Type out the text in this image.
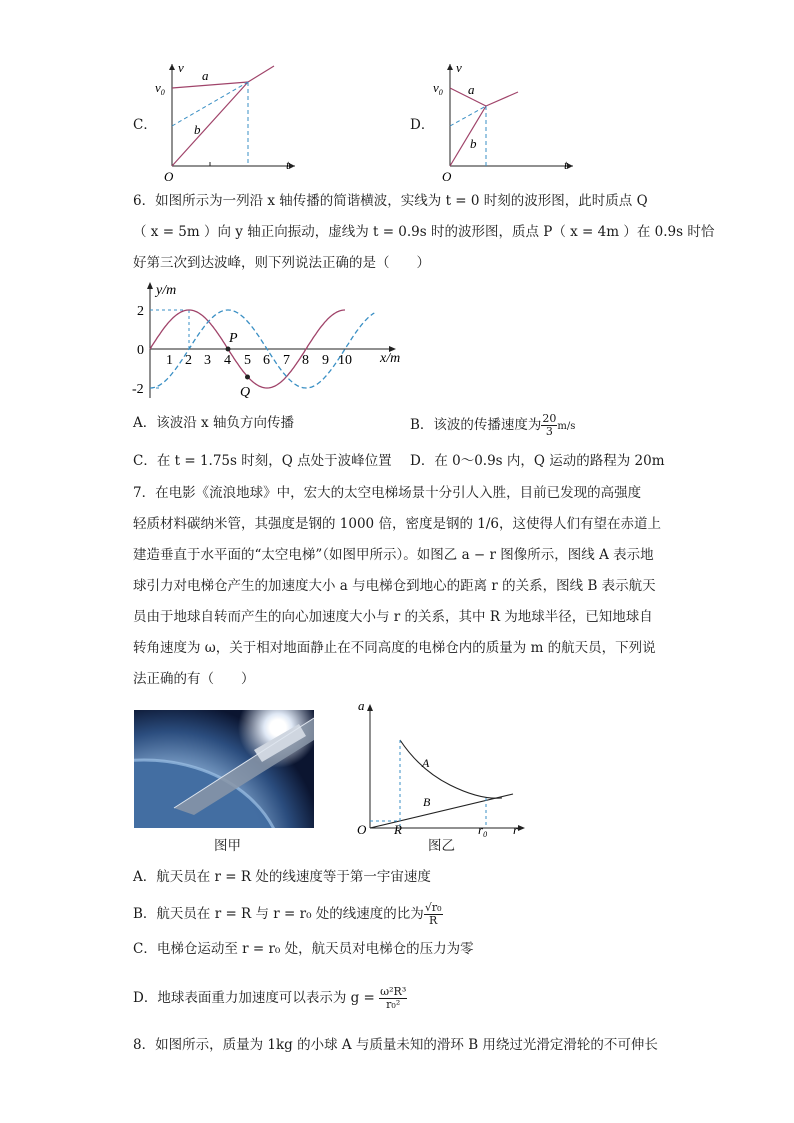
C．
v
$v_0$
a
b
O
t
D．
v
$v_0$ a
b
O
t
6．如图所示为一列沿 x 轴传播的简谐横波，实线为 t = 0 时刻的波形图，此时质点 Q
（ x = 5m ）向 y 轴正向振动，虚线为 t = 0.9s 时的波形图，质点 P（ x = 4m ）在 0.9s 时恰
好第三次到达波峰，则下列说法正确的是（　　）
y/m
x/m
2
0
-2
1 2 3 4 5 6 7 8 9 10
P
Q
A．该波沿 x 轴负方向传播	B．该波的传播速度为 $\frac{20}{3} m/s$
C．在 t = 1.75s 时刻，Q 点处于波峰位置 D．在 0～0.9s 内，Q 运动的路程为 20m
7．在电影《流浪地球》中，宏大的太空电梯场景十分引人入胜，目前已发现的高强度
轻质材料碳纳米管，其强度是钢的 1000 倍，密度是钢的 1/6，这使得人们有望在赤道上
建造垂直于水平面的“太空电梯”（如图甲所示）。如图乙 a − r 图像所示，图线 A 表示地
球引力对电梯仓产生的加速度大小 a 与电梯仓到地心的距离 r 的关系，图线 B 表示航天
员由于地球自转而产生的向心加速度大小与 r 的关系，其中 R 为地球半径，已知地球自
转角速度为 ω，关于相对地面静止在不同高度的电梯仓内的质量为 m 的航天员，下列说
法正确的有（　　）
图甲
a
A
B
O R	$r_0$ r
图乙
A．航天员在 r = R 处的线速度等于第一宇宙速度
B．航天员在 r = R 与 r = r₀ 处的线速度的比为 $\frac{\text{√r₀}}{R}$
C．电梯仓运动至 r = r₀ 处，航天员对电梯仓的压力为零
D．地球表面重力加速度可以表示为 $g = \frac{\text{ω²R³}}{\text{r₀²}}$
8．如图所示，质量为 1kg 的小球 A 与质量未知的滑环 B 用绕过光滑定滑轮的不可伸长
